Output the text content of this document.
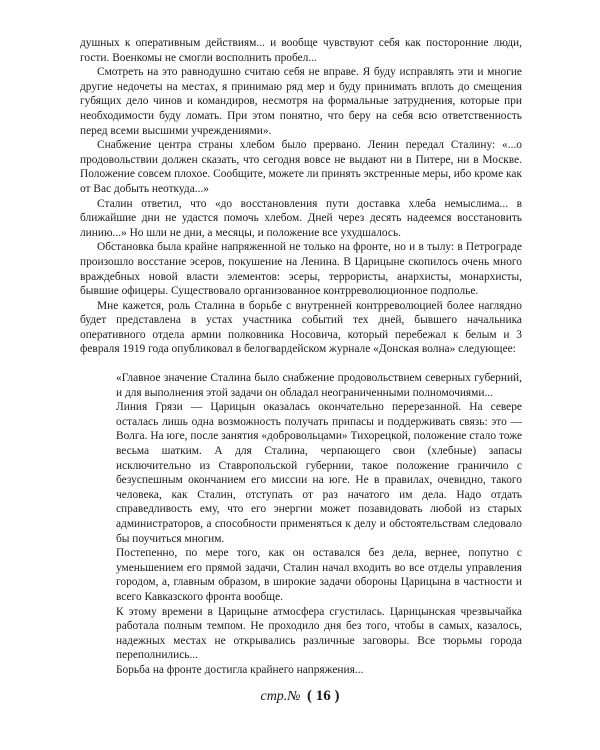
душных к оперативным действиям... и вообще чувствуют себя как посторонние люди, гости. Военкомы не смогли восполнить пробел...

Смотреть на это равнодушно считаю себя не вправе. Я буду исправлять эти и многие другие недочеты на местах, я принимаю ряд мер и буду принимать вплоть до смещения губящих дело чинов и командиров, несмотря на формальные затруднения, которые при необходимости буду ломать. При этом понятно, что беру на себя всю ответственность перед всеми высшими учреждениями».

Снабжение центра страны хлебом было прервано. Ленин передал Сталину: «...о продовольствии должен сказать, что сегодня вовсе не выдают ни в Питере, ни в Москве. Положение совсем плохое. Сообщите, можете ли принять экстренные меры, ибо кроме как от Вас добыть неоткуда...»

Сталин ответил, что «до восстановления пути доставка хлеба немыслима... в ближайшие дни не удастся помочь хлебом. Дней через десять надеемся восстановить линию...» Но шли не дни, а месяцы, и положение все ухудшалось.

Обстановка была крайне напряженной не только на фронте, но и в тылу: в Петрограде произошло восстание эсеров, покушение на Ленина. В Царицыне скопилось очень много враждебных новой власти элементов: эсеры, террористы, анархисты, монархисты, бывшие офицеры. Существовало организованное контрреволюционное подполье.

Мне кажется, роль Сталина в борьбе с внутренней контрреволюцией более наглядно будет представлена в устах участника событий тех дней, бывшего начальника оперативного отдела армии полковника Носовича, который перебежал к белым и 3 февраля 1919 года опубликовал в белогвардейском журнале «Донская волна» следующее:

«Главное значение Сталина было снабжение продовольствием северных губерний, и для выполнения этой задачи он обладал неограниченными полномочиями...

Линия Грязи — Царицын оказалась окончательно перерезанной. На севере осталась лишь одна возможность получать припасы и поддерживать связь: это — Волга. На юге, после занятия «добровольцами» Тихорецкой, положение стало тоже весьма шатким. А для Сталина, черпающего свои (хлебные) запасы исключительно из Ставропольской губернии, такое положение граничило с безуспешным окончанием его миссии на юге. Не в правилах, очевидно, такого человека, как Сталин, отступать от раз начатого им дела. Надо отдать справедливость ему, что его энергии может позавидовать любой из старых администраторов, а способности применяться к делу и обстоятельствам следовало бы поучиться многим.

Постепенно, по мере того, как он оставался без дела, вернее, попутно с уменьшением его прямой задачи, Сталин начал входить во все отделы управления городом, а, главным образом, в широкие задачи обороны Царицына в частности и всего Кавказского фронта вообще.

К этому времени в Царицыне атмосфера сгустилась. Царицынская чрезвычайка работала полным темпом. Не проходило дня без того, чтобы в самых, казалось, надежных местах не открывались различные заговоры. Все тюрьмы города переполнились...

Борьба на фронте достигла крайнего напряжения...

стр.№ ( 16 )
